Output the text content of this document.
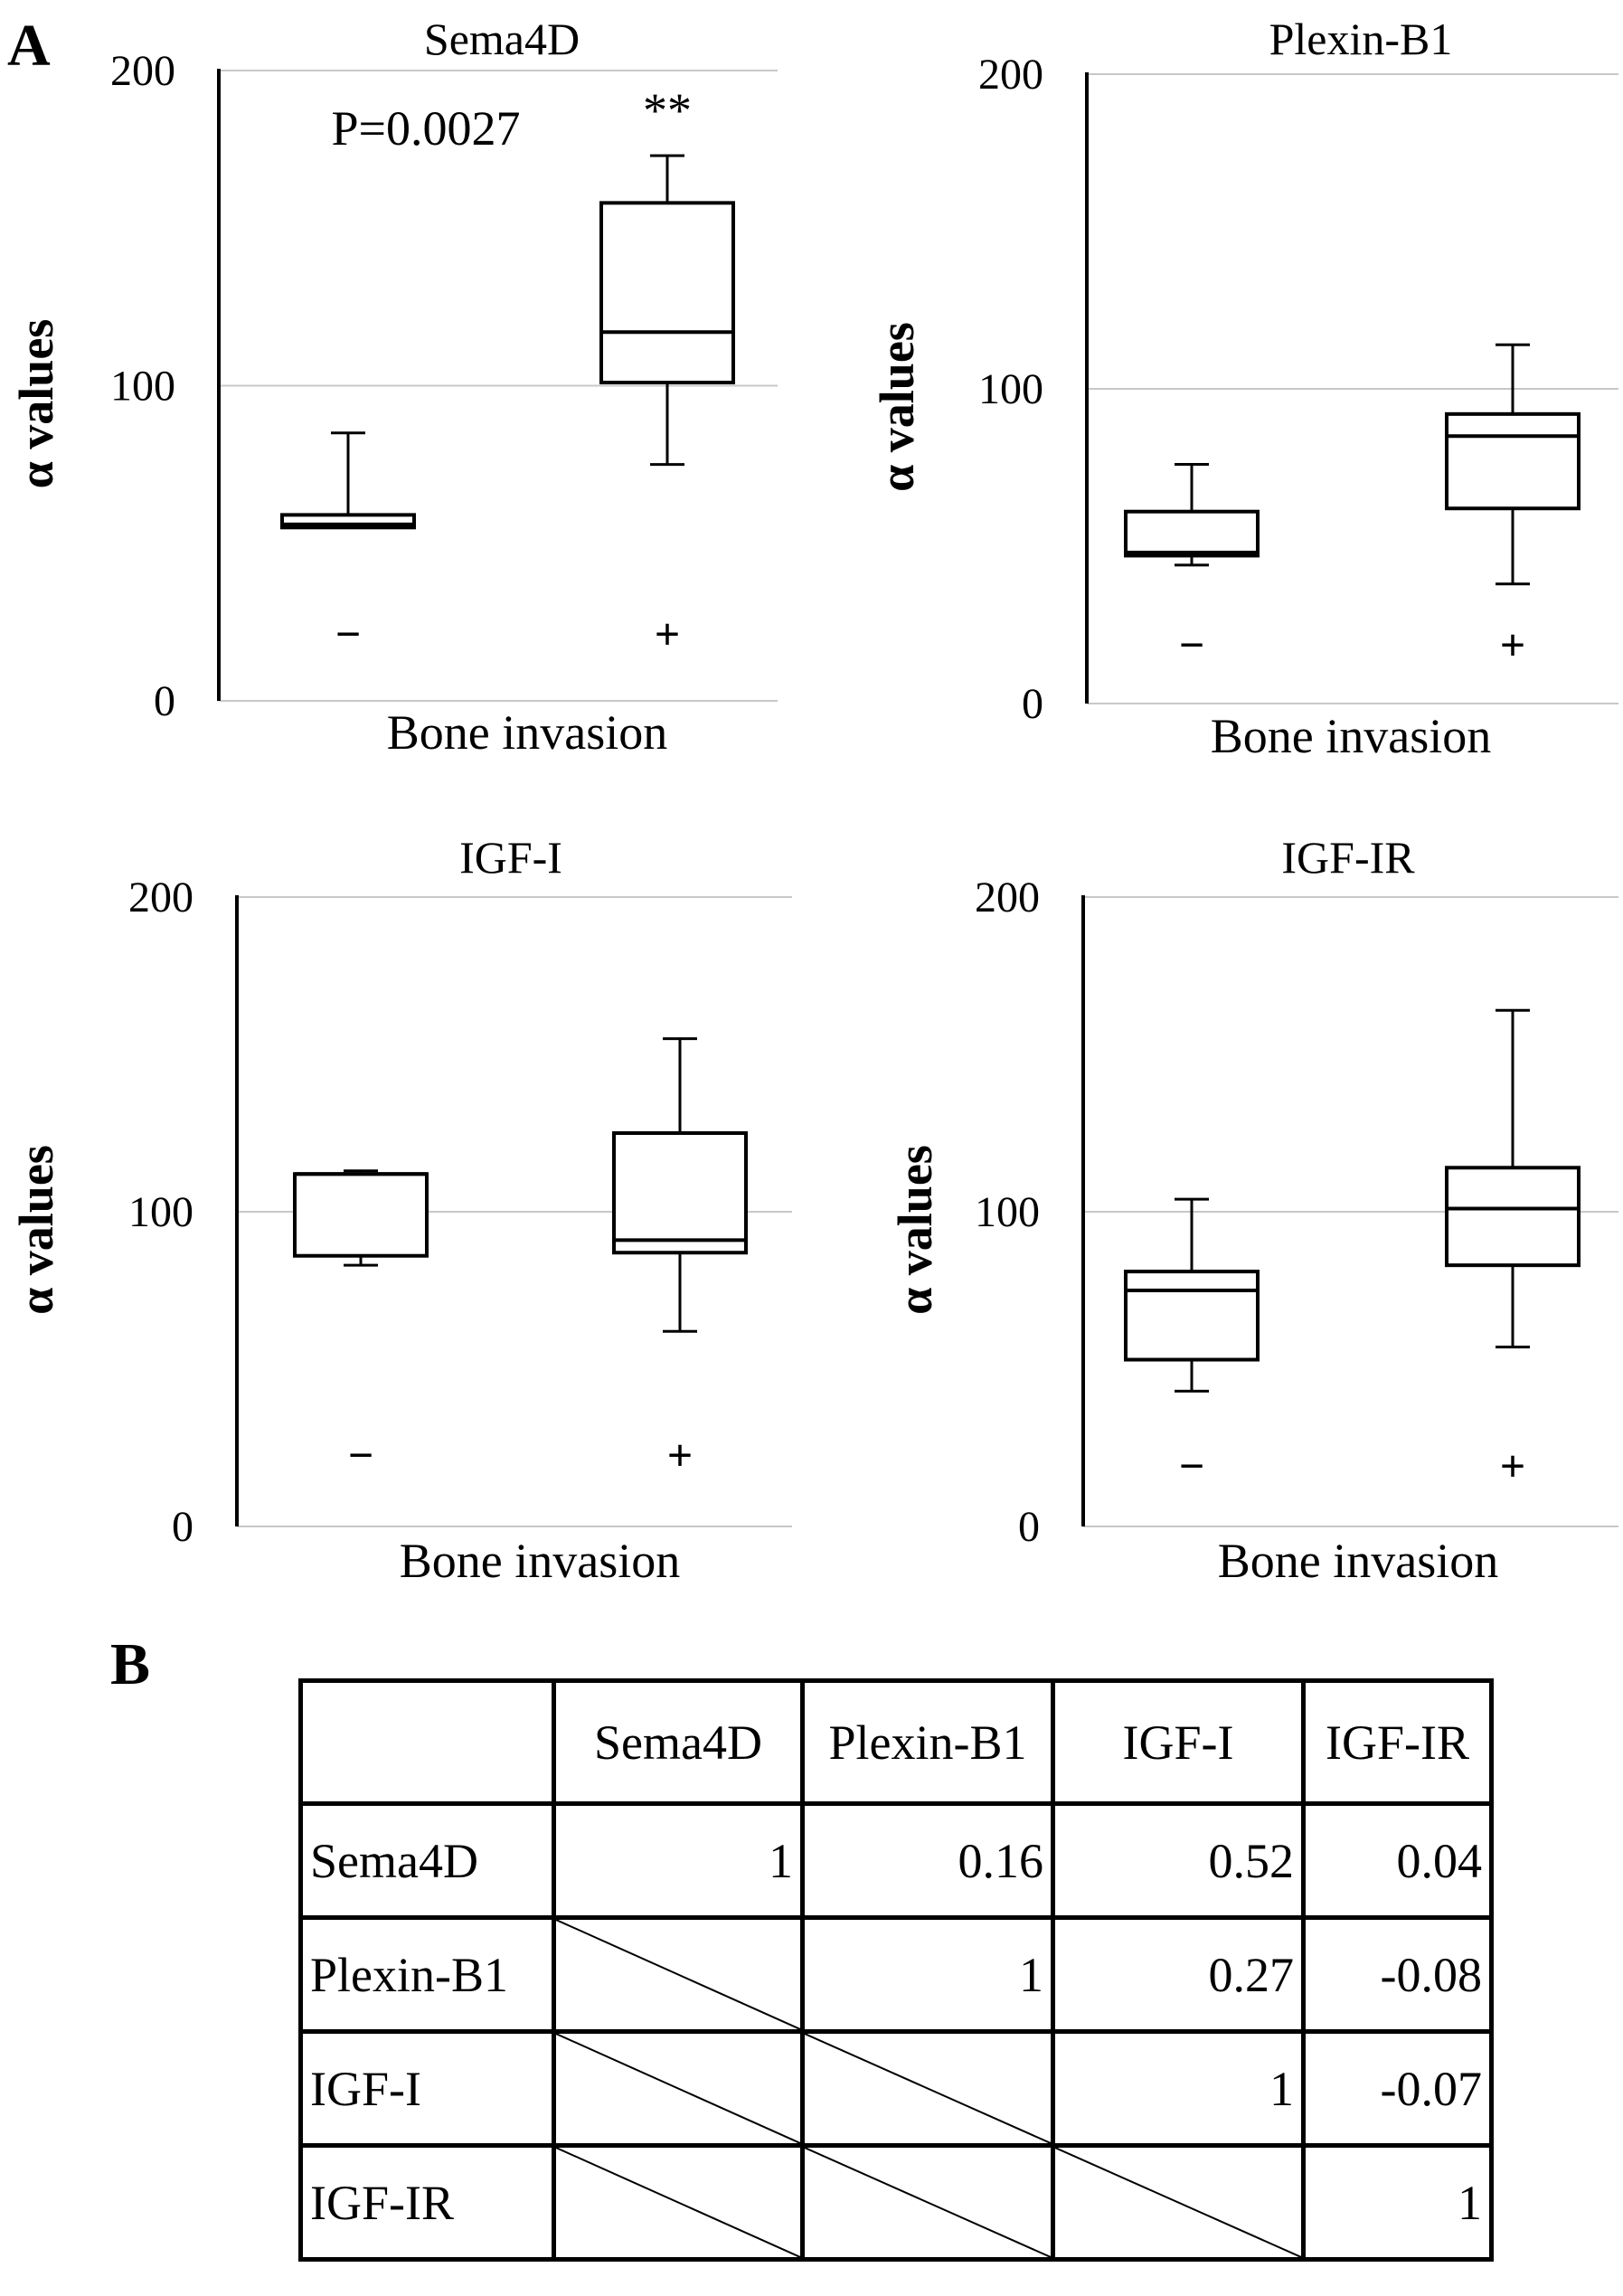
A
0
100
200
Sema4D
α values
Bone invasion
−	+
P=0.0027	**
0
100
200
Plexin-B1
α values
Bone invasion
−	+
0
100
200
IGF-I
α values
Bone invasion
−	+
0
100
200
IGF-IR
α values
Bone invasion
−	+
B
	Sema4D	Plexin-B1	IGF-I	IGF-IR
Sema4D	1	0.16	0.52	0.04
Plexin-B1		1	0.27	-0.08
IGF-I			1	-0.07
IGF-IR				1
